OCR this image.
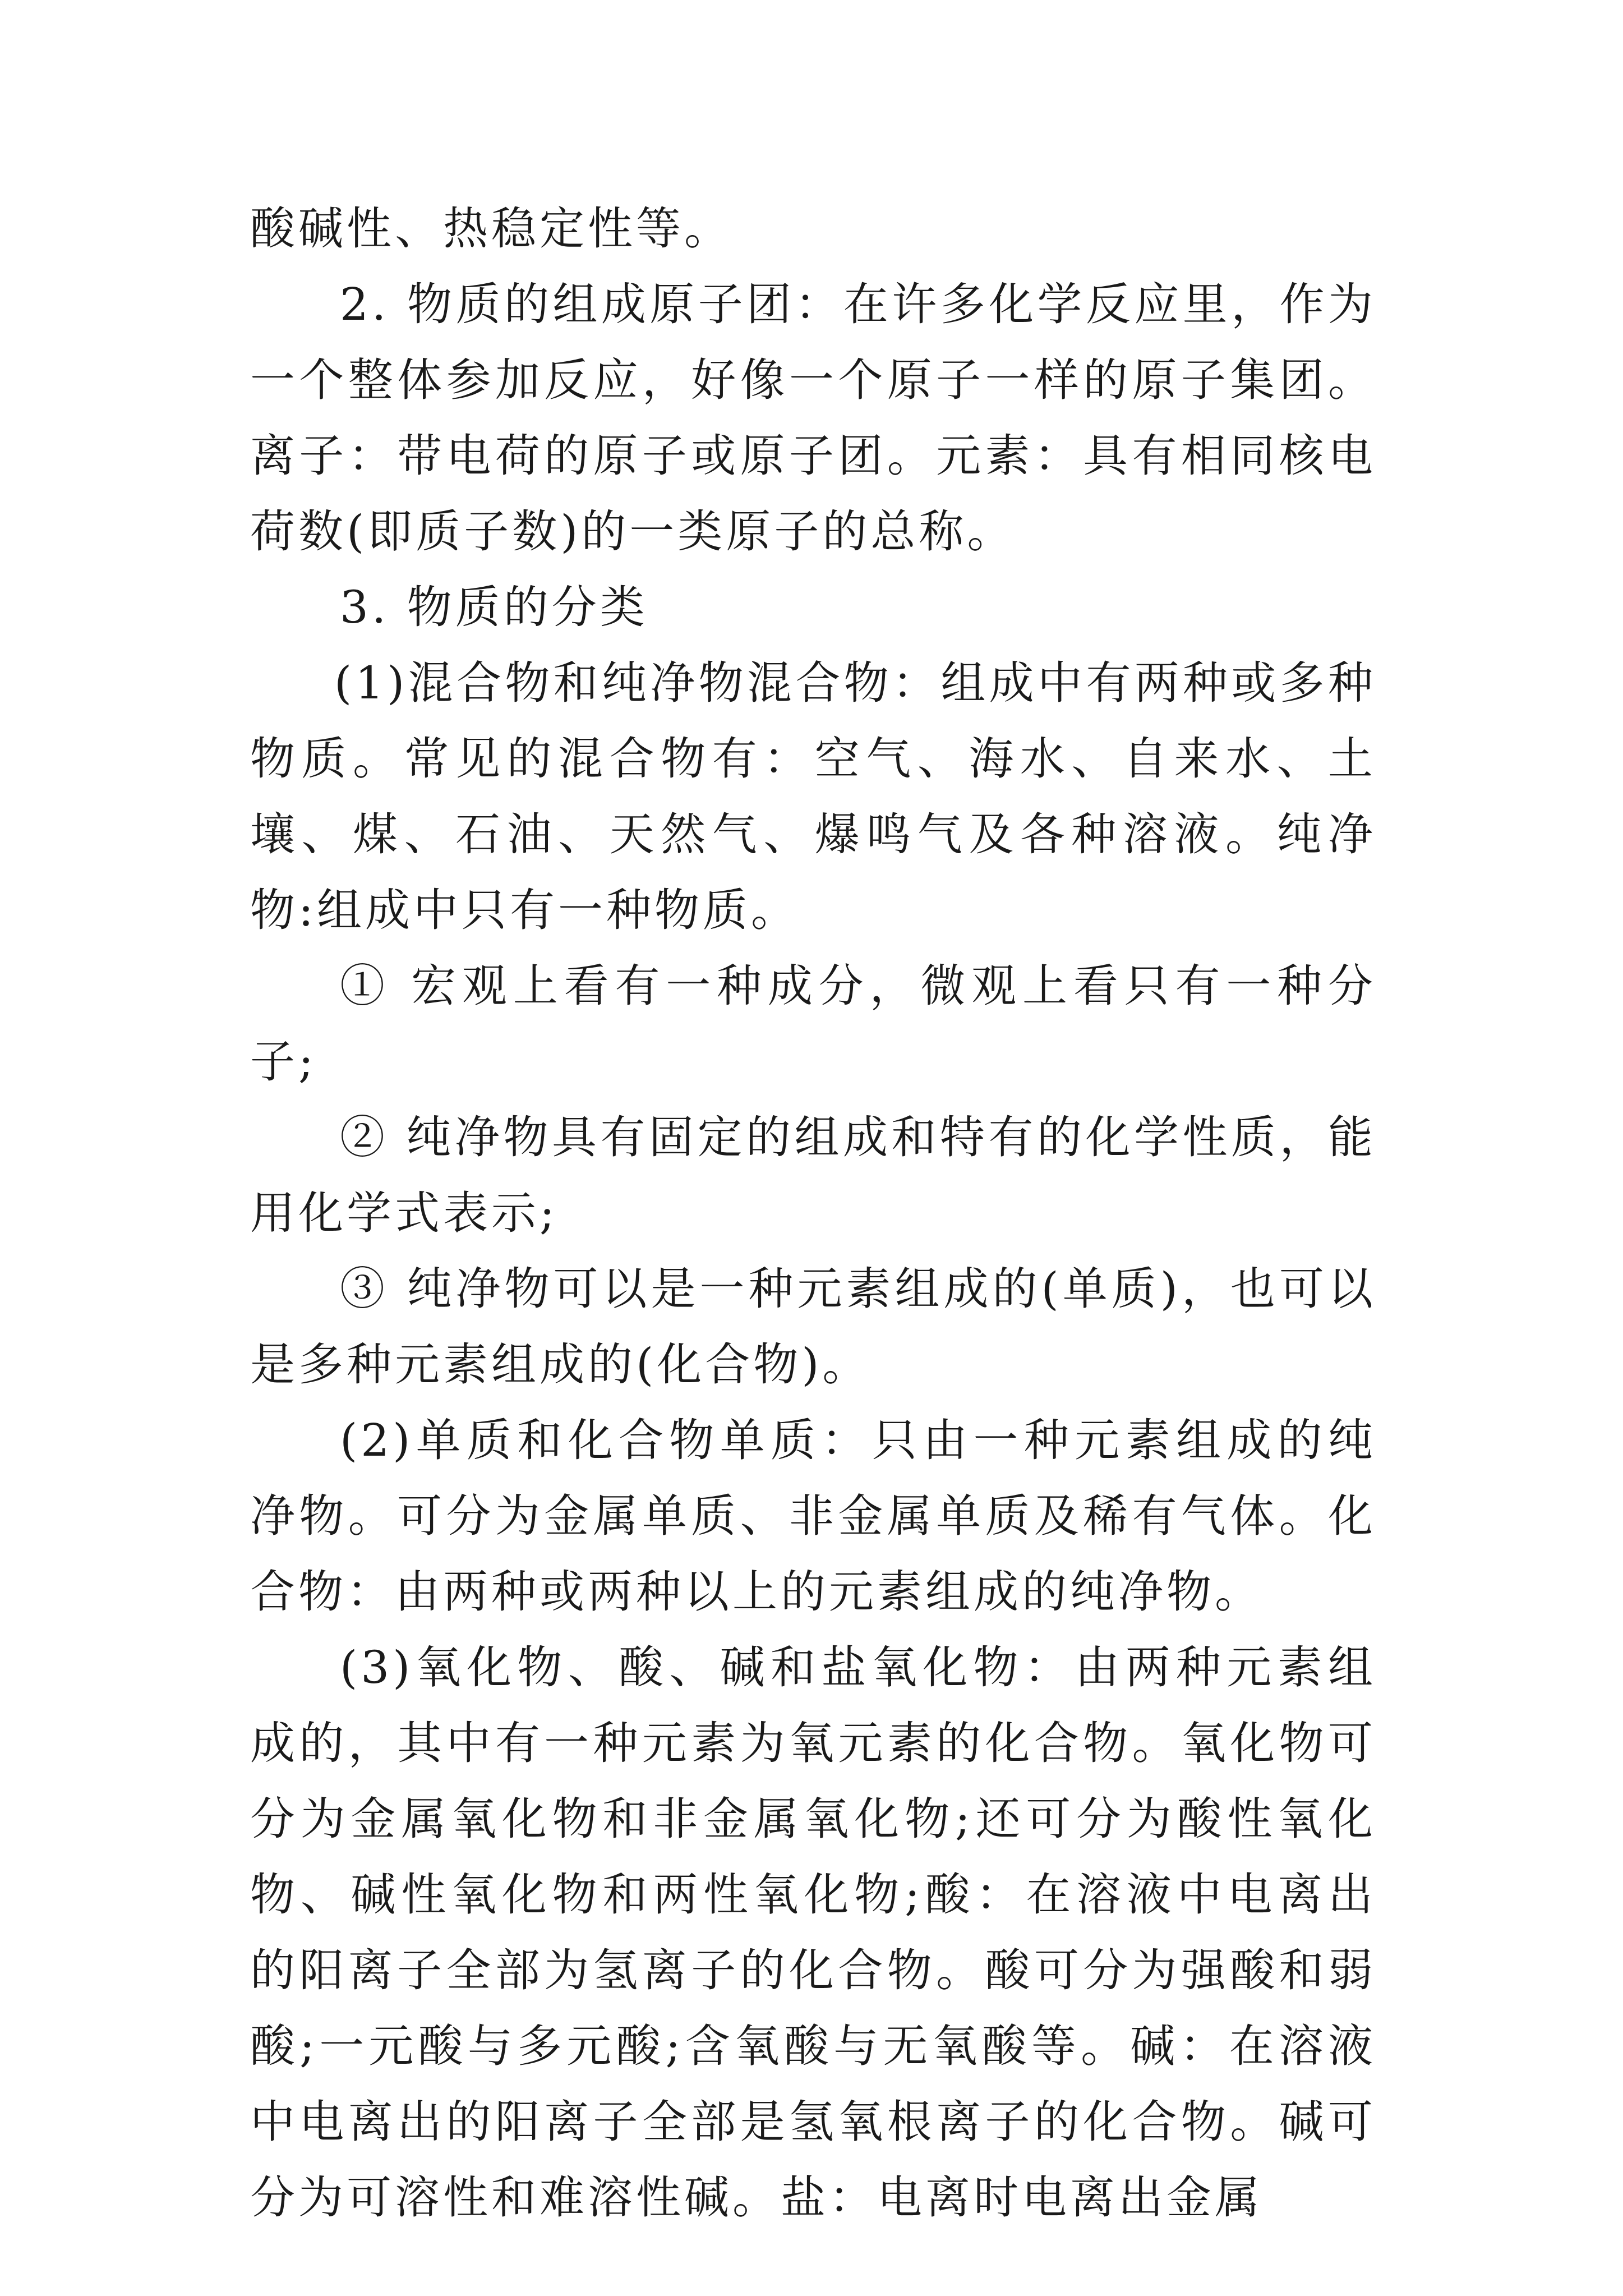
酸碱性、热稳定性等。

2. 物质的组成原子团：在许多化学反应里，作为一个整体参加反应，好像一个原子一样的原子集团。离子：带电荷的原子或原子团。元素：具有相同核电荷数(即质子数)的一类原子的总称。

3. 物质的分类

(1)混合物和纯净物混合物：组成中有两种或多种物质。常见的混合物有：空气、海水、自来水、土壤、煤、石油、天然气、爆鸣气及各种溶液。纯净物:组成中只有一种物质。

① 宏观上看有一种成分，微观上看只有一种分子;

② 纯净物具有固定的组成和特有的化学性质，能用化学式表示;

③ 纯净物可以是一种元素组成的(单质)，也可以是多种元素组成的(化合物)。

(2)单质和化合物单质：只由一种元素组成的纯净物。可分为金属单质、非金属单质及稀有气体。化合物：由两种或两种以上的元素组成的纯净物。

(3)氧化物、酸、碱和盐氧化物：由两种元素组成的，其中有一种元素为氧元素的化合物。氧化物可分为金属氧化物和非金属氧化物;还可分为酸性氧化物、碱性氧化物和两性氧化物;酸：在溶液中电离出的阳离子全部为氢离子的化合物。酸可分为强酸和弱酸;一元酸与多元酸;含氧酸与无氧酸等。碱：在溶液中电离出的阳离子全部是氢氧根离子的化合物。碱可分为可溶性和难溶性碱。盐：电离时电离出金属
